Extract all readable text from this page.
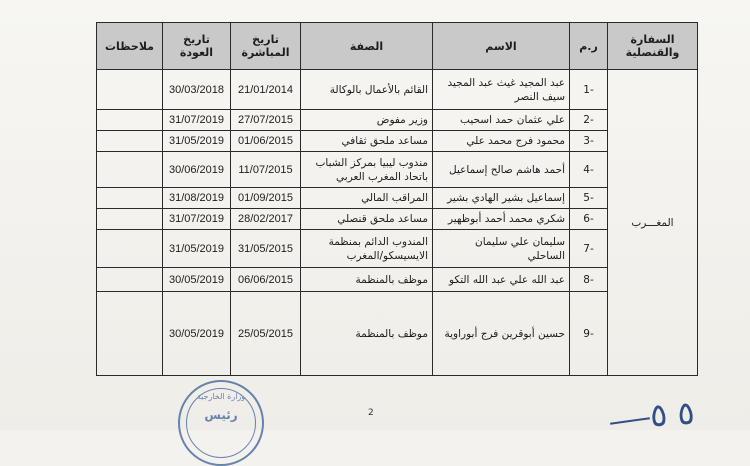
السفارة والقنصلية	ر.م	الاسم	الصفة	تاريخ المباشرة	تاريخ العودة	ملاحظات
المغـــرب	-1	عبد المجيد غيث عبد المجيد سيف النصر	القائم بالأعمال بالوكالة	21/01/2014	30/03/2018	
	-2	علي عثمان حمد اسحيب	وزير مفوض	27/07/2015	31/07/2019	
	-3	محمود فرج محمد علي	مساعد ملحق ثقافي	01/06/2015	31/05/2019	
	-4	أحمد هاشم صالح إسماعيل	مندوب ليبيا بمركز الشباب باتحاد المغرب العربي	11/07/2015	30/06/2019	
	-5	إسماعيل بشير الهادي بشير	المراقب المالي	01/09/2015	31/08/2019	
	-6	شكري محمد أحمد أبوظهير	مساعد ملحق قنصلي	28/02/2017	31/07/2019	
	-7	سليمان علي سليمان الساحلي	المندوب الدائم بمنظمة الايسيسكو/المغرب	31/05/2015	31/05/2019	
	-8	عبد الله علي عبد الله التكو	موظف بالمنظمة	06/06/2015	30/05/2019	
	-9	حسين أبوقرين فرج أبوراوية	موظف بالمنظمة	25/05/2015	30/05/2019	
وزارة الخارجية
رئيس	2	٥ ٥
